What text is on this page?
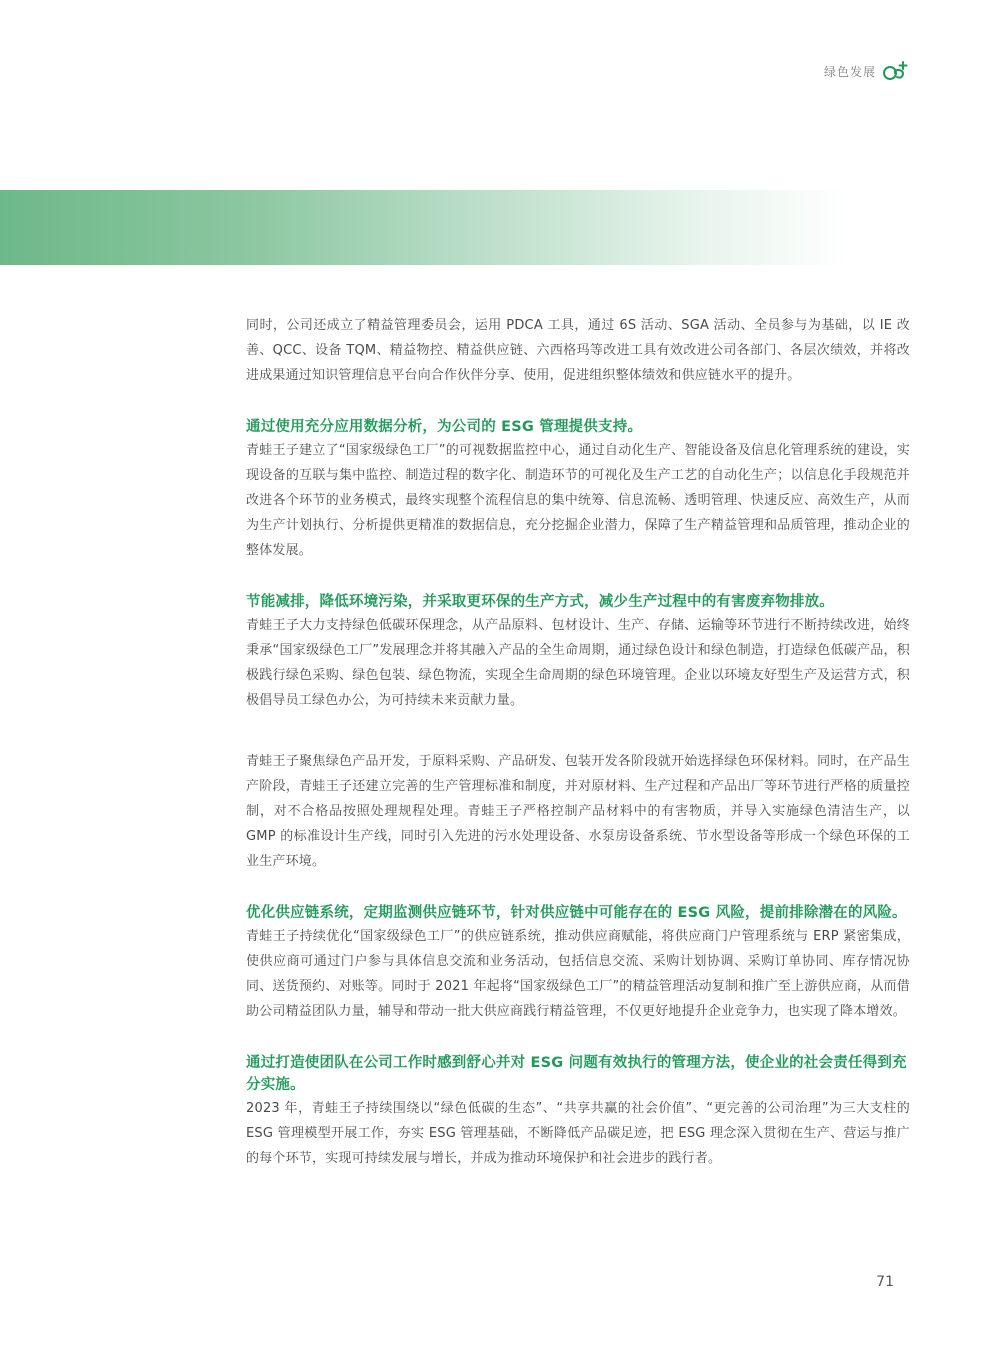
绿色发展

同时，公司还成立了精益管理委员会，运用 PDCA 工具，通过 6S 活动、SGA 活动、全员参与为基础，以 IE 改善、QCC、设备 TQM、精益物控、精益供应链、六西格玛等改进工具有效改进公司各部门、各层次绩效，并将改进成果通过知识管理信息平台向合作伙伴分享、使用，促进组织整体绩效和供应链水平的提升。

通过使用充分应用数据分析，为公司的 ESG 管理提供支持。

青蛙王子建立了“国家级绿色工厂”的可视数据监控中心，通过自动化生产、智能设备及信息化管理系统的建设，实现设备的互联与集中监控、制造过程的数字化、制造环节的可视化及生产工艺的自动化生产；以信息化手段规范并改进各个环节的业务模式，最终实现整个流程信息的集中统筹、信息流畅、透明管理、快速反应、高效生产，从而为生产计划执行、分析提供更精准的数据信息，充分挖掘企业潜力，保障了生产精益管理和品质管理，推动企业的整体发展。

节能减排，降低环境污染，并采取更环保的生产方式，减少生产过程中的有害废弃物排放。

青蛙王子大力支持绿色低碳环保理念，从产品原料、包材设计、生产、存储、运输等环节进行不断持续改进，始终秉承“国家级绿色工厂”发展理念并将其融入产品的全生命周期，通过绿色设计和绿色制造，打造绿色低碳产品，积极践行绿色采购、绿色包装、绿色物流，实现全生命周期的绿色环境管理。企业以环境友好型生产及运营方式，积极倡导员工绿色办公，为可持续未来贡献力量。

青蛙王子聚焦绿色产品开发，于原料采购、产品研发、包装开发各阶段就开始选择绿色环保材料。同时，在产品生产阶段，青蛙王子还建立完善的生产管理标准和制度，并对原材料、生产过程和产品出厂等环节进行严格的质量控制，对不合格品按照处理规程处理。青蛙王子严格控制产品材料中的有害物质，并导入实施绿色清洁生产，以 GMP 的标准设计生产线，同时引入先进的污水处理设备、水泵房设备系统、节水型设备等形成一个绿色环保的工业生产环境。

优化供应链系统，定期监测供应链环节，针对供应链中可能存在的 ESG 风险，提前排除潜在的风险。

青蛙王子持续优化“国家级绿色工厂”的供应链系统，推动供应商赋能，将供应商门户管理系统与 ERP 紧密集成，使供应商可通过门户参与具体信息交流和业务活动，包括信息交流、采购计划协调、采购订单协同、库存情况协同、送货预约、对账等。同时于 2021 年起将“国家级绿色工厂”的精益管理活动复制和推广至上游供应商，从而借助公司精益团队力量，辅导和带动一批大供应商践行精益管理，不仅更好地提升企业竞争力，也实现了降本增效。

通过打造使团队在公司工作时感到舒心并对 ESG 问题有效执行的管理方法，使企业的社会责任得到充分实施。

2023 年，青蛙王子持续围绕以“绿色低碳的生态”、“共享共赢的社会价值”、“更完善的公司治理”为三大支柱的 ESG 管理模型开展工作，夯实 ESG 管理基础，不断降低产品碳足迹，把 ESG 理念深入贯彻在生产、营运与推广的每个环节，实现可持续发展与增长，并成为推动环境保护和社会进步的践行者。

71
